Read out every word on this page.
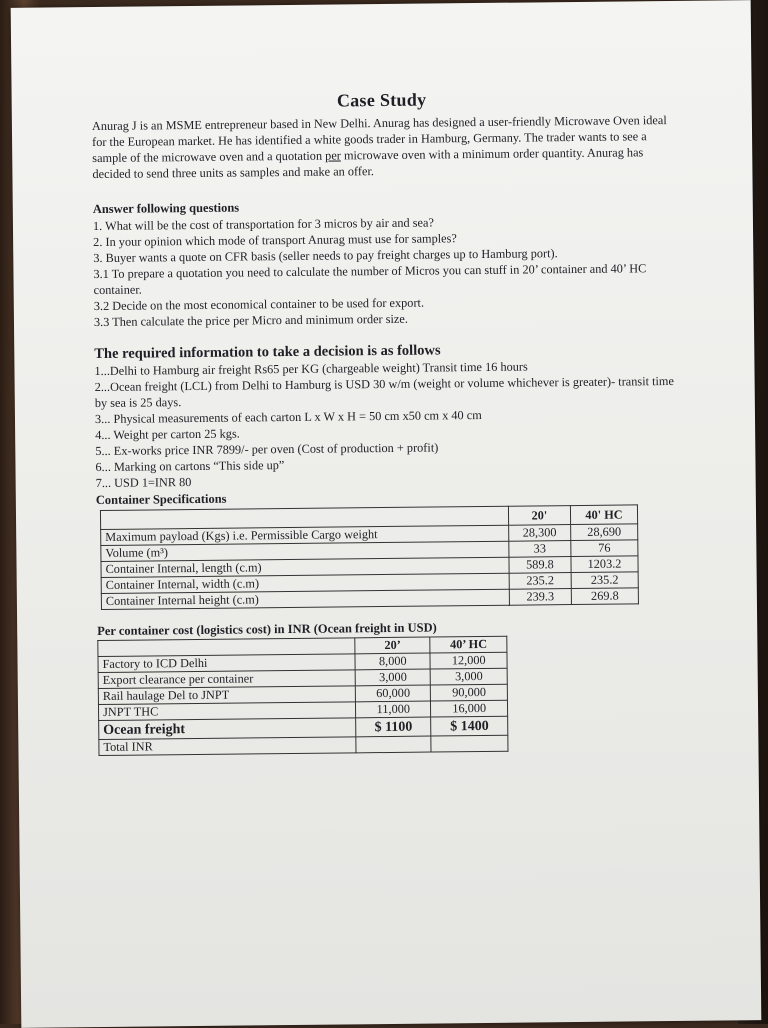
Case Study

Anurag J is an MSME entrepreneur based in New Delhi. Anurag has designed a user-friendly Microwave Oven ideal for the European market. He has identified a white goods trader in Hamburg, Germany. The trader wants to see a sample of the microwave oven and a quotation per microwave oven with a minimum order quantity. Anurag has decided to send three units as samples and make an offer.

Answer following questions

1. What will be the cost of transportation for 3 micros by air and sea?

2. In your opinion which mode of transport Anurag must use for samples?

3. Buyer wants a quote on CFR basis (seller needs to pay freight charges up to Hamburg port).

3.1 To prepare a quotation you need to calculate the number of Micros you can stuff in 20’ container and 40’ HC container.

3.2 Decide on the most economical container to be used for export.

3.3 Then calculate the price per Micro and minimum order size.

The required information to take a decision is as follows

1...Delhi to Hamburg air freight Rs65 per KG (chargeable weight) Transit time 16 hours

2...Ocean freight (LCL) from Delhi to Hamburg is USD 30 w/m (weight or volume whichever is greater)- transit time by sea is 25 days.

3... Physical measurements of each carton L x W x H = 50 cm x50 cm x 40 cm

4... Weight per carton 25 kgs.

5... Ex-works price INR 7899/- per oven (Cost of production + profit)

6... Marking on cartons “This side up”

7... USD 1=INR 80

Container Specifications
	20'	40' HC
Maximum payload (Kgs) i.e. Permissible Cargo weight	28,300	28,690
Volume (m³)	33	76
Container Internal, length (c.m)	589.8	1203.2
Container Internal, width (c.m)	235.2	235.2
Container Internal height (c.m)	239.3	269.8
Per container cost (logistics cost) in INR (Ocean freight in USD)
	20’	40’ HC
Factory to ICD Delhi	8,000	12,000
Export clearance per container	3,000	3,000
Rail haulage Del to JNPT	60,000	90,000
JNPT THC	11,000	16,000
Ocean freight	$ 1100	$ 1400
Total INR		
